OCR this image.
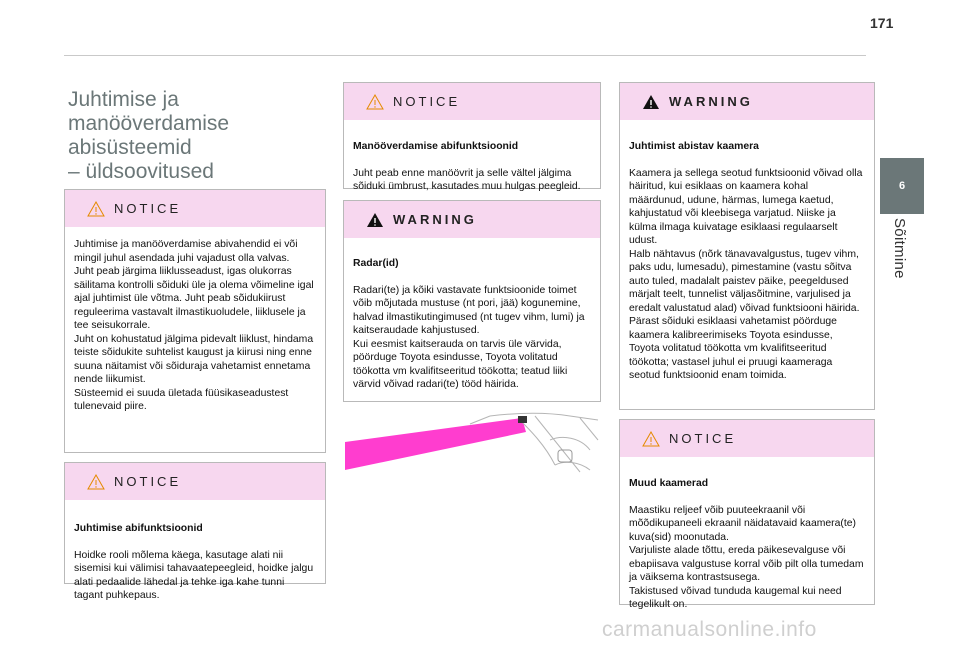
171
6
Sõitmine
Juhtimise ja
manööverdamise
abisüsteemid
– üldsoovitused
NOTICE
Juhtimise ja manööverdamise abivahendid ei või mingil juhul asendada juhi vajadust olla valvas.
Juht peab järgima liiklusseadust, igas olukorras säilitama kontrolli sõiduki üle ja olema võimeline igal ajal juhtimist üle võtma. Juht peab sõidukiirust reguleerima vastavalt ilmastikuoludele, liiklusele ja tee seisukorrale.
Juht on kohustatud jälgima pidevalt liiklust, hindama teiste sõidukite suhtelist kaugust ja kiirusi ning enne suuna näitamist või sõiduraja vahetamist ennetama nende liikumist.
Süsteemid ei suuda ületada füüsikaseadustest tulenevaid piire.
NOTICE

Juhtimise abifunktsioonid

Hoidke rooli mõlema käega, kasutage alati nii sisemisi kui välimisi tahavaatepeegleid, hoidke jalgu alati pedaalide lähedal ja tehke iga kahe tunni tagant puhkepaus.

NOTICE

Manööverdamise abifunktsioonid

Juht peab enne manöövrit ja selle vältel jälgima sõiduki ümbrust, kasutades muu hulgas peegleid.

WARNING

Radar(id)

Radari(te) ja kõiki vastavate funktsioonide toimet võib mõjutada mustuse (nt pori, jää) kogunemine, halvad ilmastikutingimused (nt tugev vihm, lumi) ja kaitseraudade kahjustused.
Kui eesmist kaitserauda on tarvis üle värvida, pöörduge Toyota esindusse, Toyota volitatud töökotta vm kvalifitseeritud töökotta; teatud liiki värvid võivad radari(te) tööd häirida.

WARNING

Juhtimist abistav kaamera

Kaamera ja sellega seotud funktsioonid võivad olla häiritud, kui esiklaas on kaamera kohal määrdunud, udune, härmas, lumega kaetud, kahjustatud või kleebisega varjatud. Niiske ja külma ilmaga kuivatage esiklaasi regulaarselt udust.
Halb nähtavus (nõrk tänavavalgustus, tugev vihm, paks udu, lumesadu), pimestamine (vastu sõitva auto tuled, madalalt paistev päike, peegeldused märjalt teelt, tunnelist väljasõitmine, varjulised ja eredalt valustatud alad) võivad funktsiooni häirida.
Pärast sõiduki esiklaasi vahetamist pöörduge kaamera kalibreerimiseks Toyota esindusse, Toyota volitatud töökotta vm kvalifitseeritud töökotta; vastasel juhul ei pruugi kaameraga seotud funktsioonid enam toimida.

NOTICE

Muud kaamerad

Maastiku reljeef võib puuteekraanil või mõõdikupaneeli ekraanil näidatavaid kaamera(te) kuva(sid) moonutada.
Varjuliste alade tõttu, ereda päikesevalguse või ebapiisava valgustuse korral võib pilt olla tumedam ja väiksema kontrastsusega.
Takistused võivad tunduda kaugemal kui need tegelikult on.

carmanualsonline.info
